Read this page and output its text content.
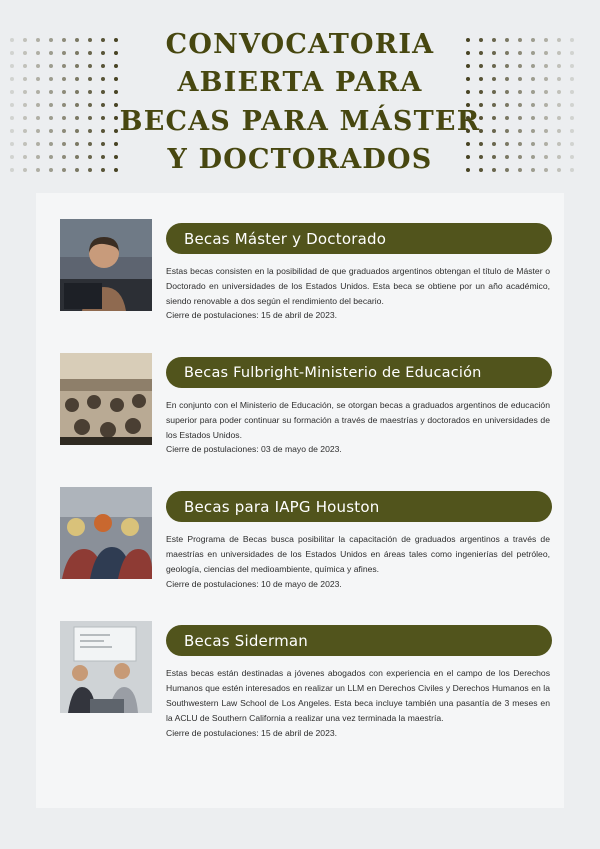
CONVOCATORIA
ABIERTA PARA
BECAS PARA MÁSTER
Y DOCTORADOS
Becas Máster y Doctorado

Estas becas consisten en la posibilidad de que graduados argentinos obtengan el título de Máster o Doctorado en universidades de los Estados Unidos. Esta beca se obtiene por un año académico, siendo renovable a dos según el rendimiento del becario.

Cierre de postulaciones: 15 de abril de 2023.

Becas Fulbright-Ministerio de Educación

En conjunto con el Ministerio de Educación, se otorgan becas a graduados argentinos de educación superior para poder continuar su formación a través de maestrías y doctorados en universidades de los Estados Unidos.

Cierre de postulaciones: 03 de mayo de 2023.

Becas para IAPG Houston

Este Programa de Becas busca posibilitar la capacitación de graduados argentinos a través de maestrías en universidades de los Estados Unidos en áreas tales como ingenierías del petróleo, geología, ciencias del medioambiente, química y afines.

Cierre de postulaciones: 10 de mayo de 2023.

Becas Siderman

Estas becas están destinadas a jóvenes abogados con experiencia en el campo de los Derechos Humanos que estén interesados en realizar un LLM en Derechos Civiles y Derechos Humanos en la Southwestern Law School de Los Angeles. Esta beca incluye también una pasantía de 3 meses en la ACLU de Southern California a realizar una vez terminada la maestría.

Cierre de postulaciones: 15 de abril de 2023.
